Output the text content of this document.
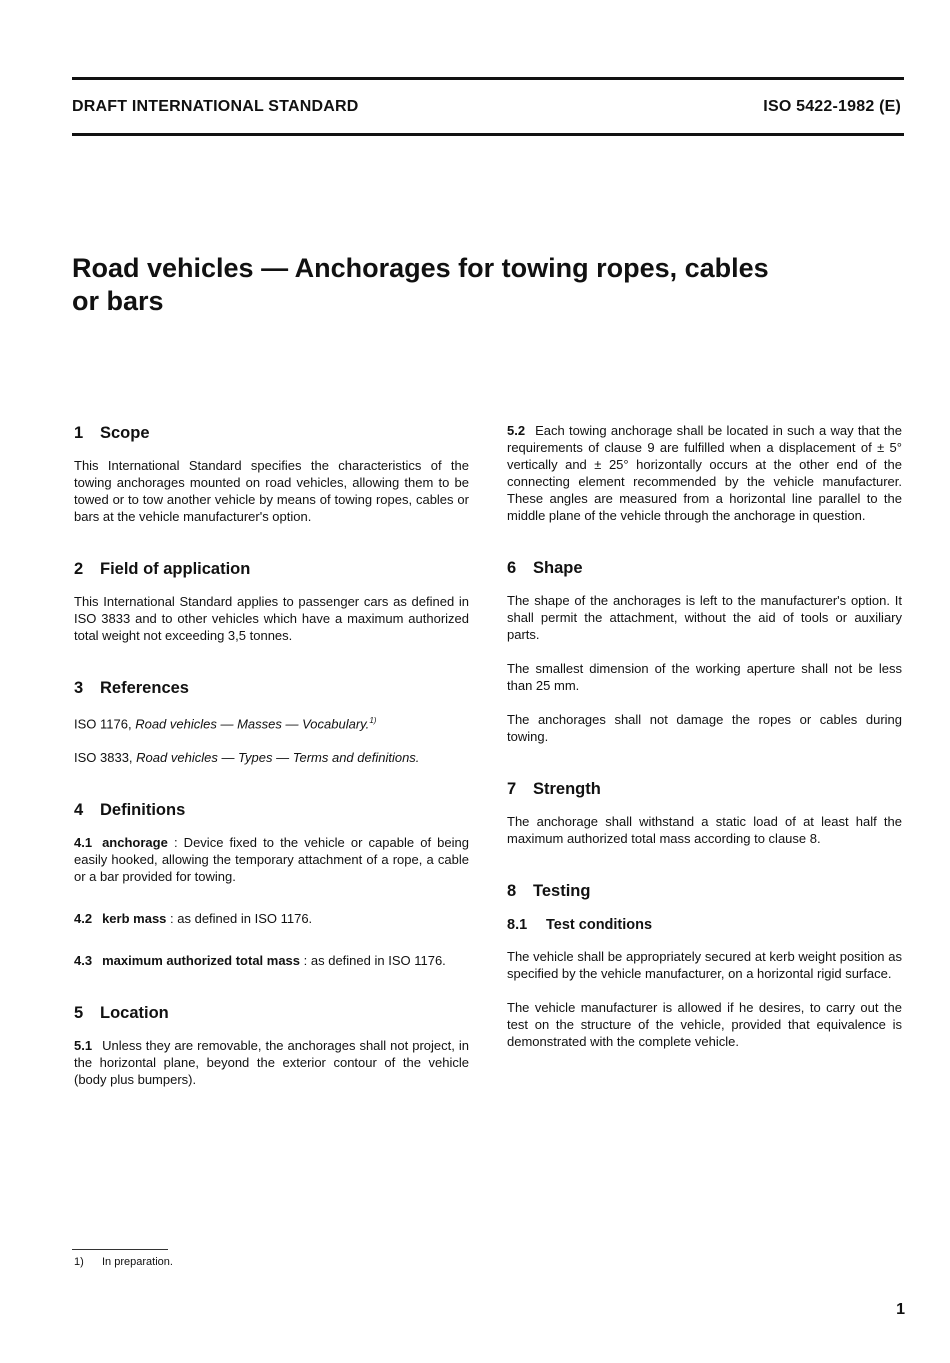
DRAFT INTERNATIONAL STANDARD	ISO 5422-1982 (E)
Road vehicles — Anchorages for towing ropes, cables
or bars
1 Scope

This International Standard specifies the characteristics of the towing anchorages mounted on road vehicles, allowing them to be towed or to tow another vehicle by means of towing ropes, cables or bars at the vehicle manufacturer's option.

2 Field of application

This International Standard applies to passenger cars as defined in ISO 3833 and to other vehicles which have a maximum authorized total weight not exceeding 3,5 tonnes.

3 References

ISO 1176, Road vehicles — Masses — Vocabulary.$^{1)}$

ISO 3833, Road vehicles — Types — Terms and definitions.

4 Definitions

4.1 anchorage : Device fixed to the vehicle or capable of being easily hooked, allowing the temporary attachment of a rope, a cable or a bar provided for towing.

4.2 kerb mass : as defined in ISO 1176.

4.3 maximum authorized total mass : as defined in ISO 1176.

5 Location

5.1 Unless they are removable, the anchorages shall not project, in the horizontal plane, beyond the exterior contour of the vehicle (body plus bumpers).

5.2 Each towing anchorage shall be located in such a way that the requirements of clause 9 are fulfilled when a displacement of ± 5° vertically and ± 25° horizontally occurs at the other end of the connecting element recommended by the vehicle manufacturer. These angles are measured from a horizontal line parallel to the middle plane of the vehicle through the anchorage in question.

6 Shape

The shape of the anchorages is left to the manufacturer's option. It shall permit the attachment, without the aid of tools or auxiliary parts.

The smallest dimension of the working aperture shall not be less than 25 mm.

The anchorages shall not damage the ropes or cables during towing.

7 Strength

The anchorage shall withstand a static load of at least half the maximum authorized total mass according to clause 8.

8 Testing
8.1 Test conditions

The vehicle shall be appropriately secured at kerb weight position as specified by the vehicle manufacturer, on a horizontal rigid surface.

The vehicle manufacturer is allowed if he desires, to carry out the test on the structure of the vehicle, provided that equivalence is demonstrated with the complete vehicle.

1) In preparation.
1
